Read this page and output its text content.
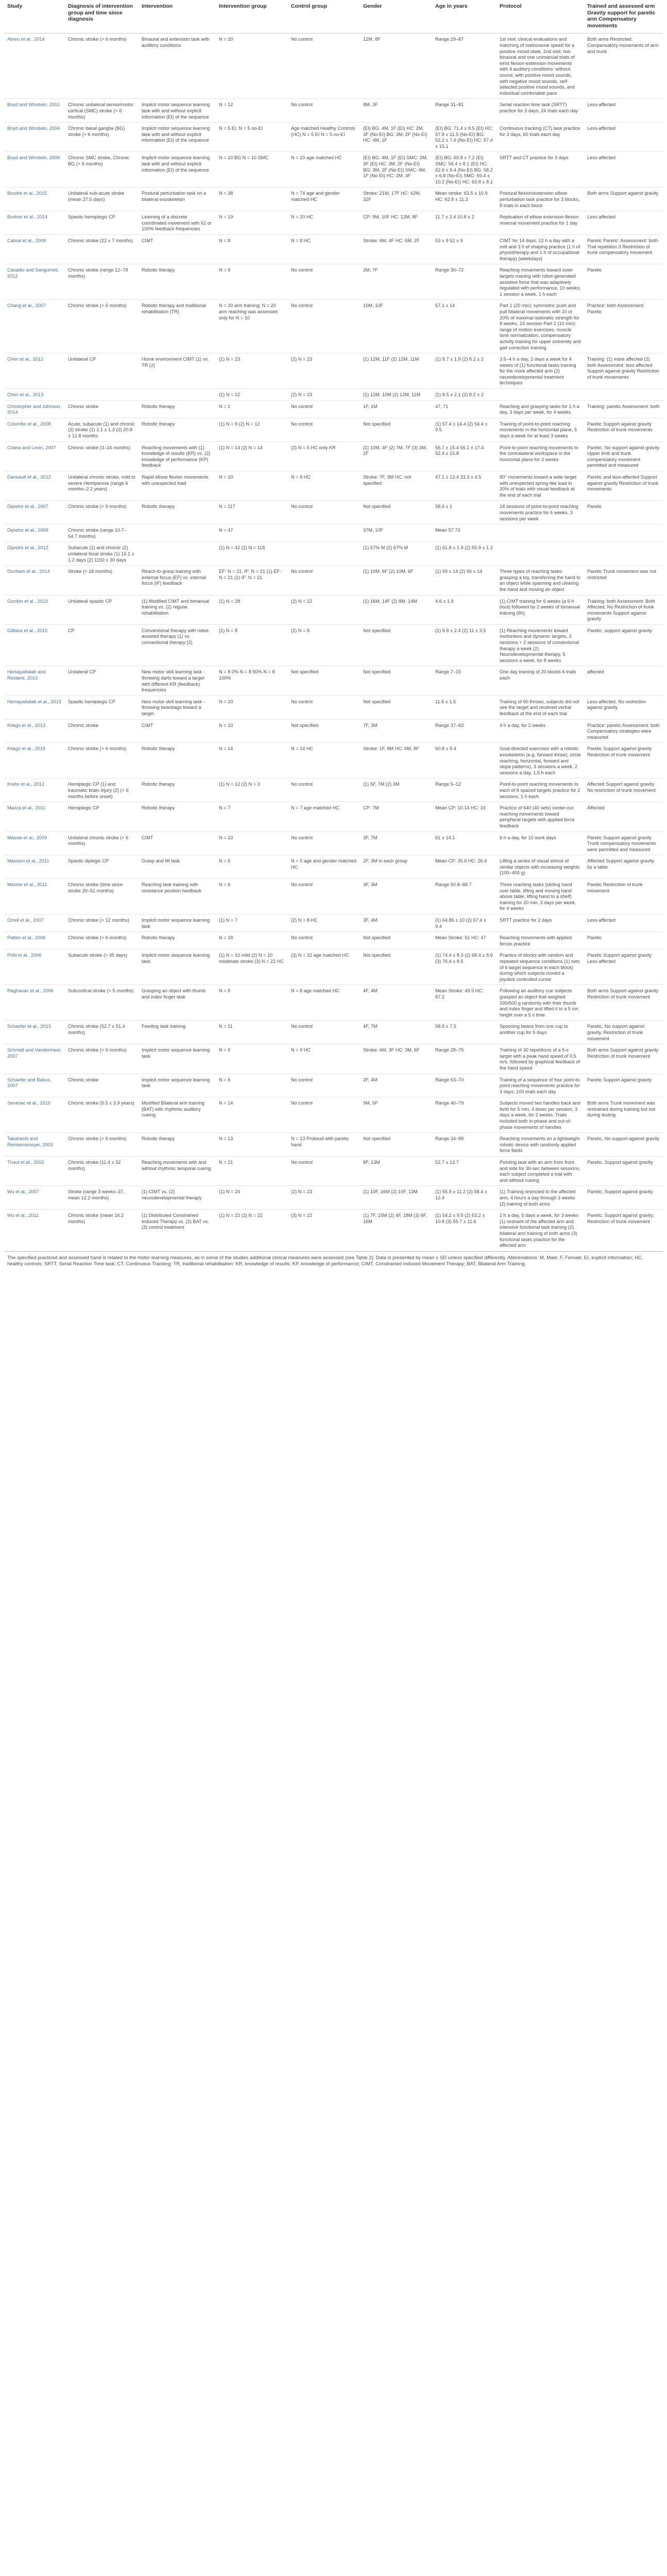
Study	Diagnosis of intervention group and time since diagnosis	Intervention	Intervention group	Control group	Gender	Age in years	Protocol	Trained and assessed arm Gravity support for paretic arm Compensatory movements
Abreu et al., 2014	Chronic stroke (> 6 months)	Binaural and extension task with auditory conditions	N = 20	No control	12M, 8F	Range 29–87	1st visit: clinical evaluations and matching of metronome speed for a positive mood-state, 2nd visit: two binaural and one unimanual trials of wrist flexion-extension movements with 4 auditory conditions: without sound, with positive mood sounds, with negative mood sounds, self-selected positive mood sounds, and individual comfortable pace	Both arms Restricted: Compensatory movements of arm and trunk
Boyd and Winstein, 2001	Chronic unilateral sensorimotor cortical (SMC) stroke (> 6 months)	Implicit motor sequence learning task with and without explicit information (EI) of the sequence	N = 12	No control	8M, 3F	Range 31–81	Serial reaction time task (SRTT) practice for 3 days, 24 trials each day	Less-affected
Boyd and Winstein, 2004	Chronic basal ganglia (BG) stroke (> 6 months)	Implicit motor sequence learning task with and without explicit information (EI) of the sequence	N = 5 EI, N = 5 no-EI	Age matched Healthy Controls (HC) N = 5 EI N = 5 no-EI	(EI) BG: 4M, 1F (EI) HC: 2M, 3F (No-EI) BG: 3M, 2F (No-EI) HC: 4M, 1F	(EI) BG: 71.4 ± 9.5 (EI) HC: 57.8 ± 11.5 (No-EI) BG: 52.2 ± 7.6 (No-EI) HC: 57.4 ± 15.1	Continuous tracking (CT) task practice for 3 days, 60 trials each day	Less-affected
Boyd and Winstein, 2006	Chronic SMC stroke, Chronic BG (> 6 months)	Implicit motor sequence learning task with and without explicit information (EI) of the sequence	N = 10 BG N = 10 SMC	N = 10 age matched HC	(EI) BG: 4M, 1F (EI) SMC: 2M, 3F (EI) HC: 3M, 2F (No-EI) BG: 3M, 2F (No-EI) SMC: 4M, 1F (No-EI) HC: 2M, 3F	(EI) BG: 69.8 ± 7.2 (EI) SMC: 56.4 ± 8.1 (EI) HC: 62.6 ± 9.4 (No-EI) BG: 58.2 ± 6.8 (No-EI) SMC: 59.4 ± 10.2 (No-EI) HC: 63.8 ± 8.1	SRTT and CT practice for 3 days	Less-affected
Bourke et al., 2015	Unilateral sub-acute stroke (mean 27.5 days)	Postural perturbation task on a bilateral exoskeleton	N = 38	N = 74 age and gender matched HC	Stroke: 21M, 17F HC: 42M, 32F	Mean stroke: 63.5 ± 10.9 HC: 62.8 ± 11.2	Postural flexion/extension elbow perturbation task practice for 3 blocks, 8 trials in each block	Both arms Support against gravity
Burtner et al., 2014	Spastic hemiplegic CP	Learning of a discrete coordinated movement with 62 or 100% feedback frequencies	N = 19	N = 20 HC	CP: 9M, 10F HC: 12M, 8F	11.7 ± 2.4 10.8 ± 2	Replication of elbow extension-flexion reversal movement practice for 1 day	Less-affected
Cabral et al., 2008	Chronic stroke (22 ± 7 months)	CIMT	N = 8	N = 8 HC	Stroke: 6M, 4F HC: 6M, 2F	53 ± 9 52 ± 9	CIMT for 14 days, 12 h a day with a mitt and 3 h of shaping practice (1 h of physiotherapy and 1 h of occupational therapy) (weekdays)	Paretic Paretic: Assessment: both Trial repetition 3 Restriction of trunk compensatory movement
Casadio and Sanguineti, 2012	Chronic stroke (range 12–78 months)	Robotic therapy	N = 9	No control	2M, 7F	Range 30–72	Reaching movements toward outer targets training with robot-generated assistive force that was adaptively regulated with performance, 10 weeks, 1 session a week, 1 h each	Paretic
Chang et al., 2007	Chronic stroke (> 6 months)	Robotic therapy and traditional rehabilitation (TR)	N = 20 arm training; N = 20 arm reaching was assessed only for N = 10	No control	10M, 10F	57.1 ± 14	Part 1 (20 min): symmetric push and pull bilateral movements with 10 or 20% of maximal isokinetic strength for 8 weeks, 24 session Part 2 (10 min): range of motion exercises, muscle tone normalization, compensatory activity training for upper extremity and gait correction training	Practice: both Assessment: Paretic
Chen et al., 2012	Unilateral CP	Home environment CIMT (1) vs. TR (2)	(1) N = 23	(2) N = 23	(1) 12M, 11F (2) 12M, 11M	(1) 8.7 ± 1.9 (2) 8.2 ± 2	3.5–4 h a day, 2 days a week for 4 weeks of (1) functional tasks training for the more affected arm (2) neurodevelopmental treatment techniques	Training: (1) more affected (2) both Assessment: less affected Support against gravity Restriction of trunk movements
Chen et al., 2013			(1) N = 22	(2) N = 23	(1) 12M, 10M (2) 12M, 11M	(1) 8.5 ± 2.1 (2) 8.2 ± 2		
Christopher and Johnson, 2014	Chronic stroke	Robotic therapy	N = 2	No control	1F, 1M	47, 71	Reaching and grasping tasks for 1 h a day, 3 days per week, for 4 weeks	Training: paretic Assessment: both
Colombo et al., 2008	Acute, subacute (1) and chronic (2) stroke (1) 2.1 ± 1.3 (2) 20.8 ± 12.8 months	Robotic therapy	(1) N = 9 (2) N = 12	No control	Not specified	(1) 57.4 ± 14.4 (2) 54.4 ± 9.5	Training of point-to-point reaching movements in the horizontal plane, 5 days a week for at least 3 weeks	Paretic Support against gravity Restriction of trunk movements
Coleta and Levin, 2007	Chronic stroke (3–24 months)	Reaching movements with (1) knowledge of results (KR) vs. (2) knowledge of performance (KP) feedback	(1) N = 14 (2) N = 14	(3) N = 5 HC only KR	(1) 10M, 4F (2) 7M, 7F (3) 3M, 2F	55.7 ± 15.4 55.1 ± 17.4 52.4 ± 15.8	Point-to-point reaching movements to the contralateral workspace in the horizontal plane for 3 weeks	Paretic, No support against gravity Upper limb and trunk compensatory movement permitted and measured
Daneault et al., 2012	Unilateral chronic stroke, mild to severe Hemiparese (range 6 months–2.2 years)	Rapid elbow flexion movements with unexpected load	N = 10	N = 8 HC	Stroke: 7F, 3M HC: not specified	47.1 ± 13.4 23.3 ± 4.5	80° movements toward a wide target with unexpected spring-like load in 30% of trials with visual feedback at the end of each trial	Paretic and less-affected Support against gravity Restriction of trunk movements
Dipietro et al., 2007	Chronic stroke (> 6 months)	Robotic therapy	N = 117	No control	Not specified	58.6 ± 1	18 sessions of point-to-point reaching movements practice for 6 weeks, 3 sessions per week	Paretic
Dipietro et al., 2009	Chronic stroke (range 10.7–54.7 months)		N = 47		37M, 10F	Mean 57.73		
Dipietro et al., 2012	Subacute (1) and chronic (2) unilateral focal stroke (1) 15.1 ± 1.2 days (2) 1150 ± 30 days		(1) N = 42 (2) N = 118		(1) 57% M (2) 67% M	(1) 61.8 ± 1.9 (2) 55.9 ± 1.2		
Dunham et al., 2014	Stroke (> 18 months)	Reach-to-grasp training with external focus (EF) vs. internal focus (IF) feedback	EF: N = 21, IF: N = 21 (1) EF: N = 21 (2) IF: N = 21	No control	(1) 10M, 6F (2) 10M, 6F	(1) 59 ± 14 (2) 56 ± 14	Three types of reaching tasks: grasping a toy, transferring the hand to an object while spanning and clearing the hand and moving an object	Paretic Trunk movement was not restricted
Gordon et al., 2013	Unilateral spastic CP	(1) Modified CIMT and bimanual training vs. (2) regular rehabilitation	(1) N = 28	(2) N = 22	(1) 16M, 14F (2) 8M, 14M	4.6 ± 1.9	(1) CIMT training for 6 weeks (a 6-h bout) followed by 2 weeks of bimanual training (6h)	Training: both Assessment: Both Affected, No Restriction of trunk movements Support against gravity
Gilliaux et al., 2015	CP	Conventional therapy with robot-assisted therapy (1) vs. conventional therapy (2)	(1) N = 8	(2) N = 8	Not specified	(1) 9.8 ± 2.4 (2) 11 ± 3.5	(1) Reaching movements toward motionless and dynamic targets, 3 sessions + 2 sessions of conventional therapy a week (2) Neurodevelopmental therapy, 5 sessions a week, for 8 weeks	Paretic, support against gravity
Hemayattalab and Rostami, 2010	Unilateral CP	New motor skill learning task - throwing darts toward a target with different KR (feedback) frequencies	N = 8 0% N = 8 50% N = 8 100%	Not specified	Not specified	Range 7–15	One day training of 20 blocks 6 trials each	affected
Hemayattalab et al., 2013	Spastic hemiplegic CP	New motor skill learning task - throwing beanbags toward a target	N = 20	No control	Not specified	11.6 ± 1.5	Training of 60 throws, subjects did not see the target and received verbal feedback at the end of each trial	Less-affected, No restriction against gravity
Kitago et al., 2013	Chronic stroke	CIMT	N = 10	Not specified	7F, 3M	Range 37–83	4 h a day, for 2 weeks	Practice: paretic Assessment: both Compensatory strategies were measured
Kitago et al., 2015	Chronic stroke (> 6 months)	Robotic therapy	N = 14	N = 14 HC	Stroke: 1F, 8M HC: 6M, 8F	60.8 ± 9.4	Goal-directed exercises with a robotic exoskeleton (e.g. forward throw), circle reaching, horizontal, forward and slope patterns), 3 sessions a week, 2 sessions a day, 1.5 h each	Paretic Support against gravity Restriction of trunk movement
Krebs et al., 2012	Hemiplegic CP (1) and traumatic brain injury (2) (> 6 months before onset)	Robotic therapy	(1) N = 12 (2) N = 3	No control	(1) 5F, 7M (2) 3M	Range 5–12	Point-to-point reaching movements to each of 8 spaced targets practice for 2 sessions, 1 h each	Affected Support against gravity No restriction of trunk movement
Mazzà et al., 2011	Hemiplegic CP	Robotic therapy	N = 7	N = 7 age matched HC	CP: 7M	Mean CP: 10.14 HC: 10	Practice of 640 (40 sets) center-out reaching movements toward peripheral targets with applied force feedback	Affected
Massie et al., 2009	Unilateral chronic stroke (> 6 months)	CIMT	N = 10	No control	3F, 7M	61 ± 14.1	6 h a day, for 10 work days	Paretic Support against gravity Trunk compensatory movements were permitted and measured
Massion et al., 2011	Spastic diplegic CP	Grasp and lift task	N = 5	N = 5 age and gender matched HC	2F, 3M in each group	Mean CP: 26.6 HC: 26.4	Lifting a series of visual stimuli of similar objects with increasing weights (100–400 g)	Affected Support against gravity by a table
Metzler et al., 2011	Chronic stroke (time since stroke 20–51 months)	Reaching task training with resistance position feedback	N = 6	No control	3F, 3M	Range 50.8–68.7	Three reaching tasks (sliding hand over table, lifting and moving hand above table, lifting hand to a shelf) training for 20 min, 3 days per week, for 4 weeks	Paretic Restriction of trunk movement
Orrell et al., 2007	Chronic stroke (> 12 months)	Implicit motor sequence learning task	(1) N = 7	(2) N = 8 HC	3F, 4M	(1) 64.86 ± 10 (2) 67.4 ± 9.4	SRTT practice for 2 days	Less-affected
Patton et al., 2006	Chronic stroke (> 6 months)	Robotic therapy	N = 18	No control	Not specified	Mean Stroke: 51 HC: 47	Reaching movements with applied forces practice	Paretic
Pohl et al., 2006	Subacute stroke (> 45 days)	Implicit motor sequence learning task	(1) N = 10 mild (2) N = 10 moderate stroke (3) N = 22 HC	(3) N = 32 age matched HC	Not specified	(1) 74.4 ± 8.3 (2) 68.4 ± 8.6 (3) 76.4 ± 8.5	Practice of blocks with random and repeated sequence conditions (1) sets of 6 target sequence in each block) during which subjects moved a joystick controlled cursor	Paretic Support against gravity Less-affected
Raghavan et al., 2006	Subcortical stroke (> 5 months)	Grasping an object with thumb and index finger task	N = 8	N = 8 age matched HC	4F, 4M	Mean Stroke: 49.5 HC: 67.2	Following an auditory cue subjects grasped an object that weighed 330/500 g randomly with their thumb and index finger and lifted it to a 5 cm height over a 5 s time	Both arms Support against gravity Restriction of trunk movement
Schaefer et al., 2013	Chronic stroke (52.7 ± 51.4 months)	Feeding task training	N = 11	No control	4F, 7M	58.9 ± 7.5	Spooning beans from one cup to another cup for 5 days	Paretic, No support against gravity, Restriction of trunk movement
Schmidt and Vandermeer, 2007	Chronic stroke (> 6 months)	Implicit motor sequence learning task	N = 9	N = 9 HC	Stroke: 6M, 3F HC: 3M, 6F	Range 28–75	Training of 30 repetitions of a 5-s target with a peak hand speed of 0.5 m/s, followed by graphical feedback of the hand speed	Both arms Support against gravity Restriction of trunk movement
Schaefer and Bakus, 2007	Chronic stroke	Implicit motor sequence learning task	N = 6	No control	2F, 4M	Range 63–70	Training of a sequence of four point-to-point reaching movements practice for 3 days, 100 trials each day	Paretic Support against gravity
Senesac et al., 2010	Chronic stroke (5.5 ± 3.9 years)	Modified Bilateral arm training (BAT) with rhythmic auditory cueing	N = 14	No control	9M, 5F	Range 40–79	Subjects moved two handles back and forth for 5 min, 4 times per session, 3 days a week, for 2 weeks. Trials included both in-phase and out-of-phase movements of handles	Both arms Trunk movement was restrained during training but not during testing
Takahashi and Reinkensmeyer, 2003	Chronic stroke (> 6 months)	Robotic therapy	N = 13	N = 13 Protocol with paretic hand	Not specified	Range 34–89	Reaching movements on a lightweight robotic device with randomly applied force fields	Paretic, No support against gravity
Thaut et al., 2002	Chronic stroke (11.4 ± 52 months)	Reaching movements with and without rhythmic temporal cueing	N = 21	No control	8F, 13M	52.7 ± 13.7	Pointing task with an arm from front and side for 30-sec between sessions, each subject completed a trial with and without cueing	Paretic, Support against gravity
Wu et al., 2007	Stroke (range 3 weeks–37, mean 12.2 months)	(1) CIMT vs. (2) neurodevelopmental therapy	(1) N = 24	(2) N = 23	(1) 10F, 16M (2) 10F, 13M	(1) 55.9 ± 11.2 (2) 58.4 ± 12.4	(1) Training restricted to the affected arm, 4 hours a day through 3 weeks (2) training of both arms	Paretic; Support against gravity
Wu et al., 2011	Chronic stroke (mean 16.2 months)	(1) Distributed Constrained Induced Therapy vs. (2) BAT vs. (3) control treatment	(1) N = 22 (2) N = 22	(3) N = 22	(1) 7F, 15M (2) 4F, 18M (3) 6F, 16M	(1) 54.2 ± 9.5 (2) 53.2 ± 10.8 (3) 55.7 ± 11.6	2 h a day, 5 days a week, for 3 weeks (1) restraint of the affected arm and intensive functional task training (2) bilateral arm training of both arms (3) functional tasks practice for the affected arm	Paretic; Support against gravity; Restriction of trunk movement
The specified practiced and assessed hand is related to the motor learning measures, as in some of the studies additional clinical measures were assessed (see Table 2). Data is presented by mean ± SD unless specified differently. Abbreviations: M, Male; F, Female; EI, explicit information; HC, healthy controls; SRTT, Serial Reaction Time task; CT, Continuous Tracking; TR, traditional rehabilitation; KR, knowledge of results; KP, knowledge of performance; CIMT, Constrained Induced Movement Therapy; BAT, Bilateral Arm Training.
